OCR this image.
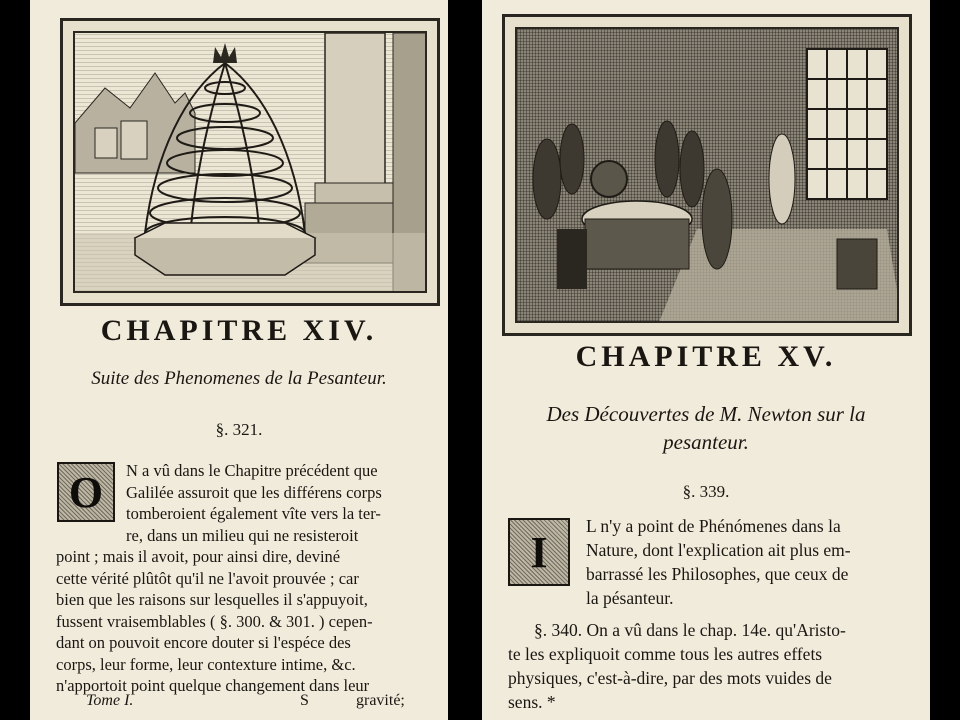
CHAPITRE XIV.
Suite des Phenomenes de la Pesanteur.
§. 321.
O	N a vû dans le Chapitre précédent que
Galilée assuroit que les différens corps
tomberoient également vîte vers la ter-
re, dans un milieu qui ne resisteroit
point ; mais il avoit, pour ainsi dire, deviné
cette vérité plûtôt qu'il ne l'avoit prouvée ; car
bien que les raisons sur lesquelles il s'appuyoit,
fussent vraisemblables ( §. 300. & 301. ) cepen-
dant on pouvoit encore douter si l'espéce des
corps, leur forme, leur contexture intime, &c.
n'apportoit point quelque changement dans leur
Tome I.	S	gravité;
CHAPITRE XV.
Des Découvertes de M. Newton sur la
pesanteur.
§. 339.
I
L n'y a point de Phénómenes dans la
Nature, dont l'explication ait plus em-
barrassé les Philosophes, que ceux de
la pésanteur.
§. 340. On a vû dans le chap. 14e. qu'Aristo-
te les expliquoit comme tous les autres effets
physiques, c'est-à-dire, par des mots vuides de
sens. *
